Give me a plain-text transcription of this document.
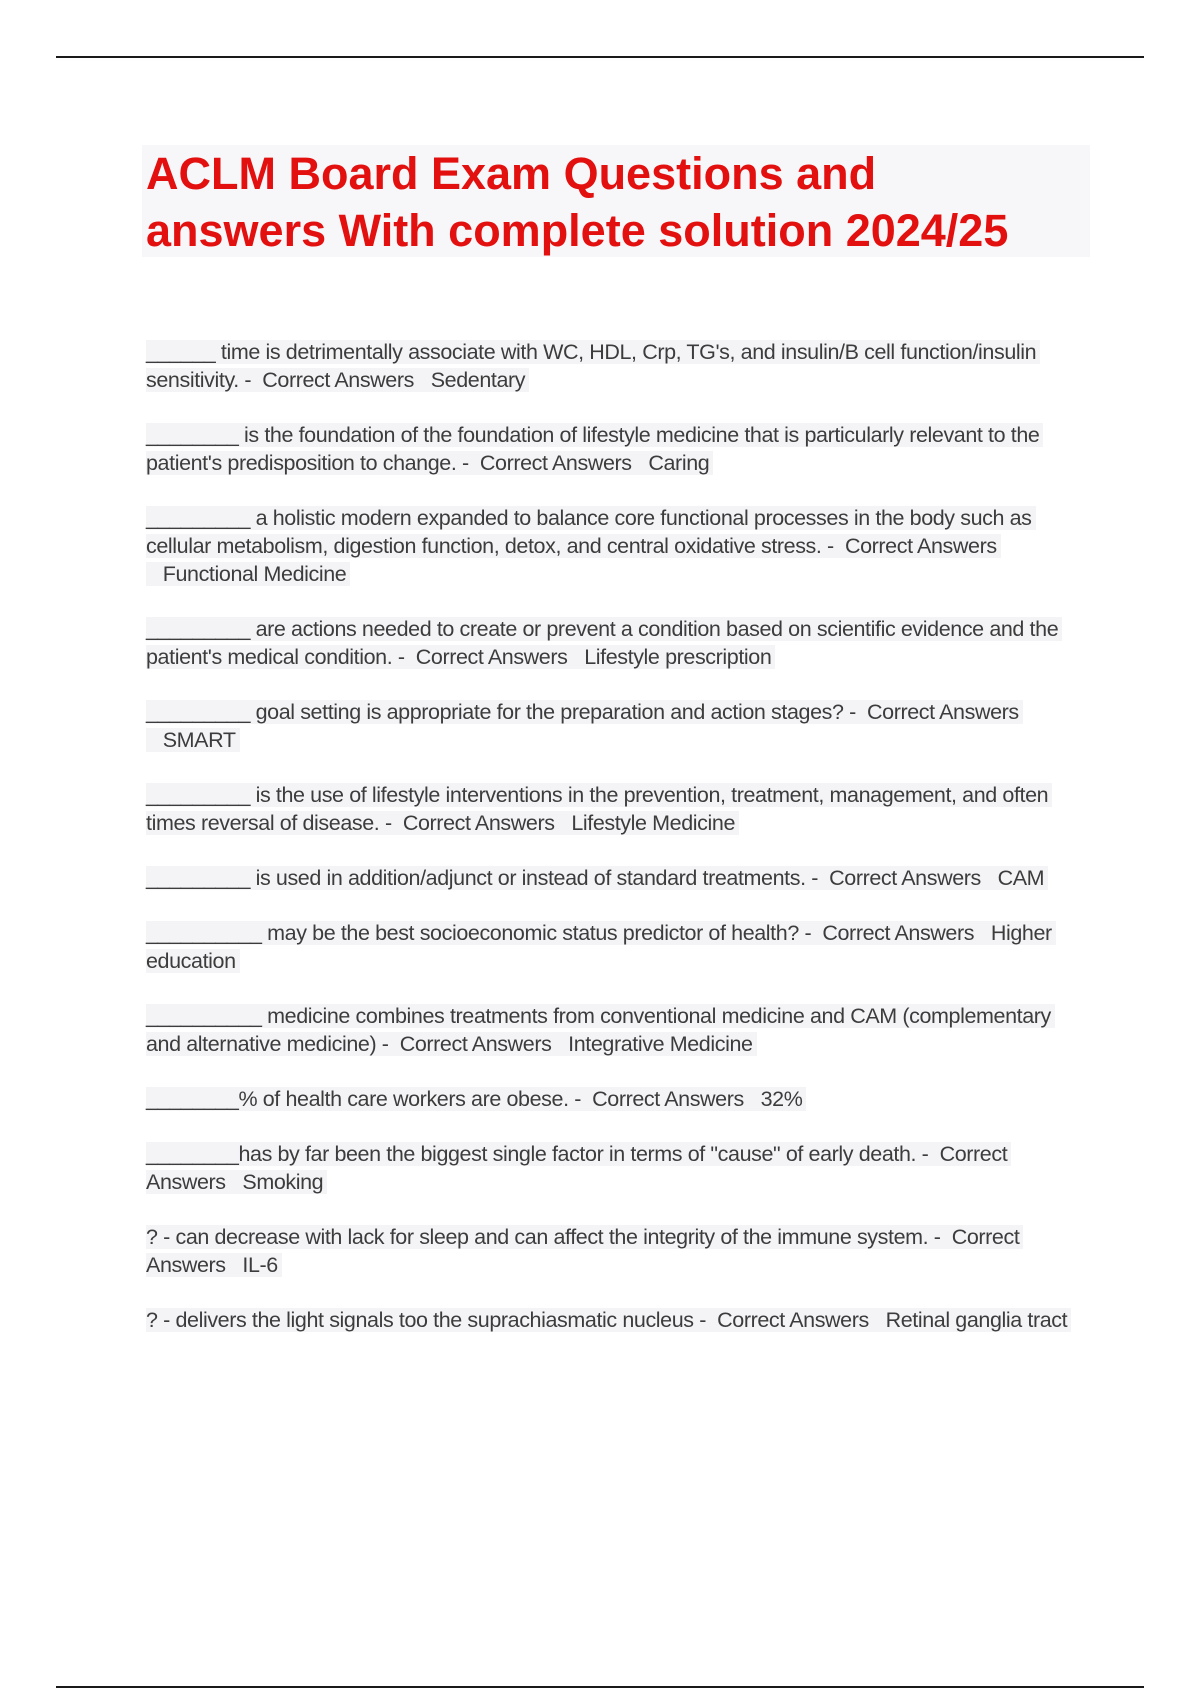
ACLM Board Exam Questions and
answers With complete solution 2024/25

______ time is detrimentally associate with WC, HDL, Crp, TG's, and insulin/B cell function/insulin sensitivity. - Correct Answers Sedentary

________ is the foundation of the foundation of lifestyle medicine that is particularly relevant to the patient's predisposition to change. - Correct Answers Caring

_________ a holistic modern expanded to balance core functional processes in the body such as cellular metabolism, digestion function, detox, and central oxidative stress. - Correct Answers   Functional Medicine

_________ are actions needed to create or prevent a condition based on scientific evidence and the patient's medical condition. - Correct Answers Lifestyle prescription

_________ goal setting is appropriate for the preparation and action stages? - Correct Answers   SMART

_________ is the use of lifestyle interventions in the prevention, treatment, management, and often times reversal of disease. - Correct Answers Lifestyle Medicine

_________ is used in addition/adjunct or instead of standard treatments. - Correct Answers CAM

__________ may be the best socioeconomic status predictor of health? - Correct Answers Higher education

__________ medicine combines treatments from conventional medicine and CAM (complementary and alternative medicine) - Correct Answers Integrative Medicine

________% of health care workers are obese. - Correct Answers 32%

________has by far been the biggest single factor in terms of "cause" of early death. - Correct Answers Smoking

? - can decrease with lack for sleep and can affect the integrity of the immune system. - Correct Answers IL-6

? - delivers the light signals too the suprachiasmatic nucleus - Correct Answers Retinal ganglia tract
